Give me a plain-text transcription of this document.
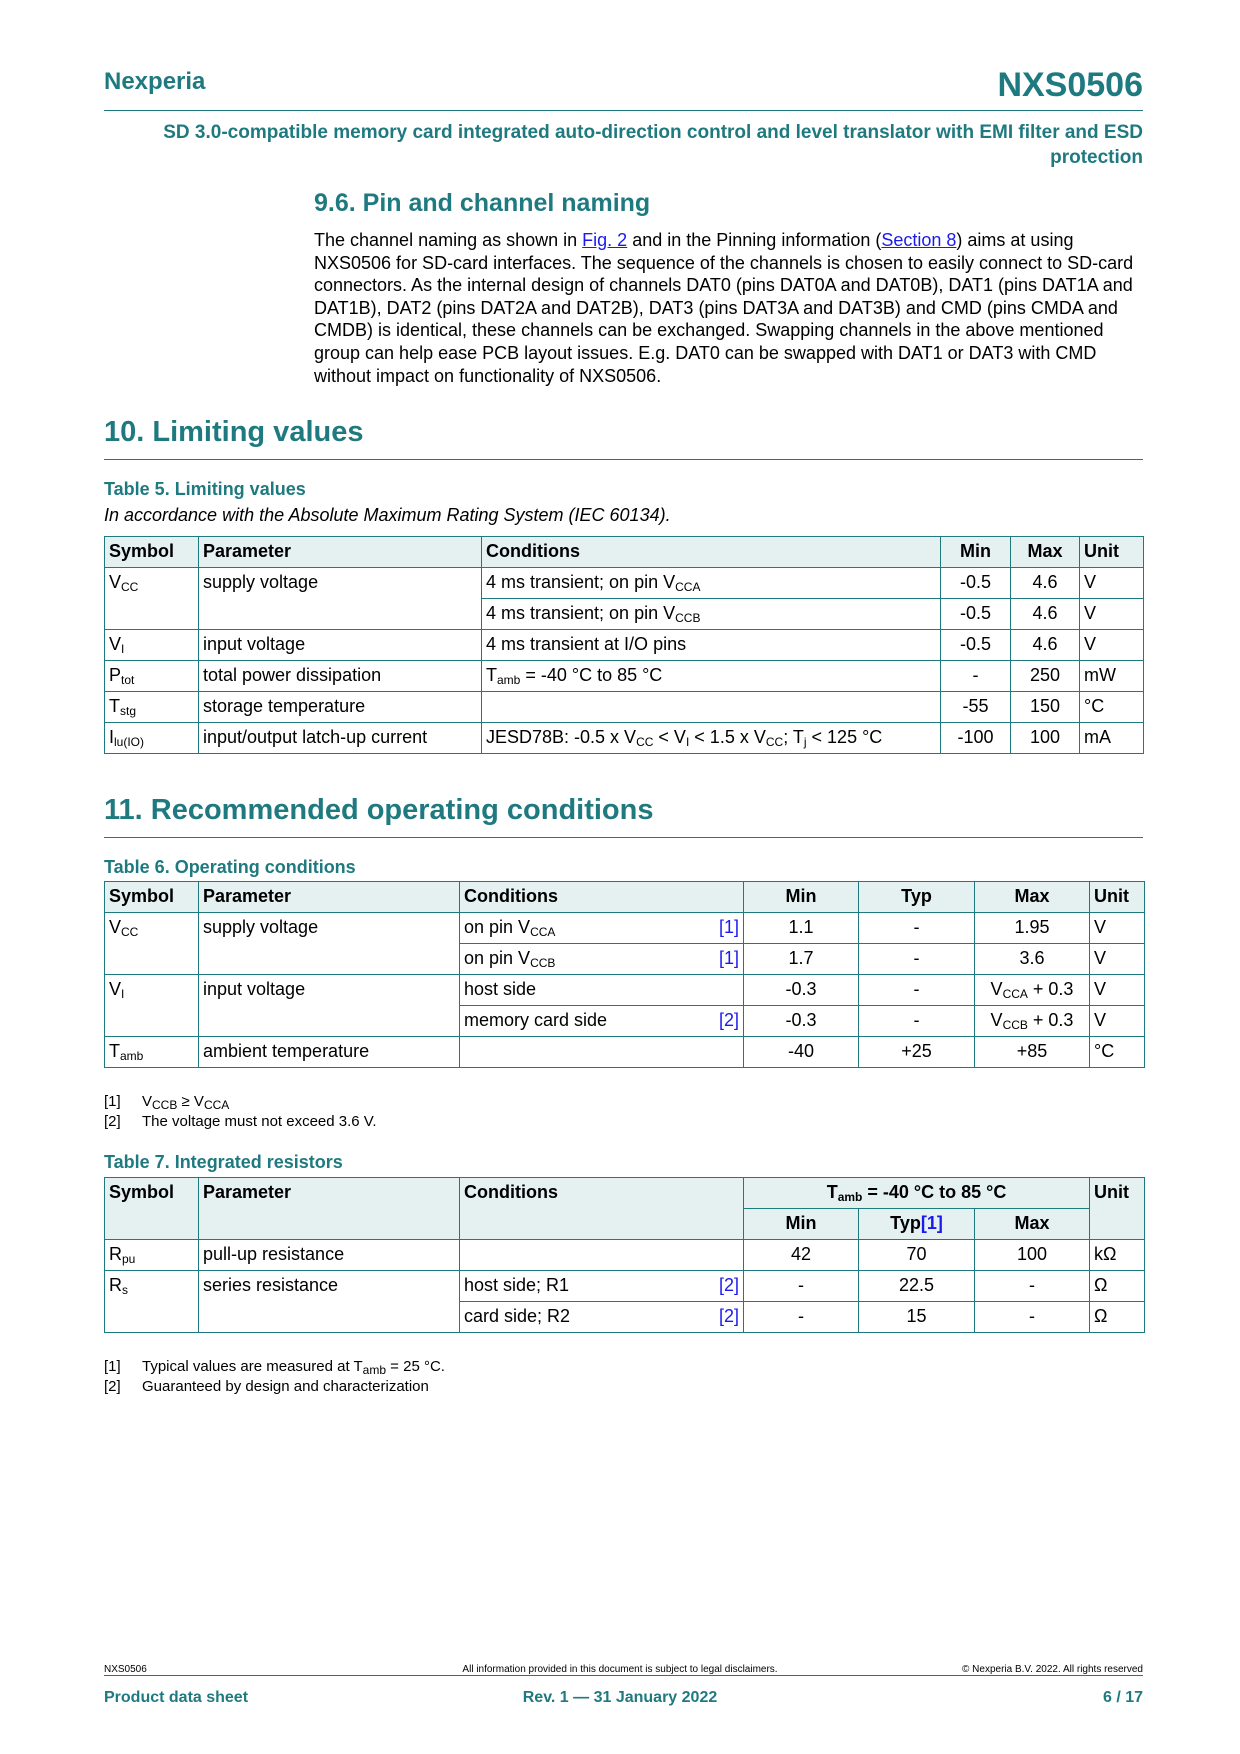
Nexperia	NXS0506
SD 3.0-compatible memory card integrated auto-direction control and level translator with EMI filter and ESD protection
9.6. Pin and channel naming
The channel naming as shown in Fig. 2 and in the Pinning information (Section 8) aims at using NXS0506 for SD-card interfaces. The sequence of the channels is chosen to easily connect to SD-card connectors. As the internal design of channels DAT0 (pins DAT0A and DAT0B), DAT1 (pins DAT1A and DAT1B), DAT2 (pins DAT2A and DAT2B), DAT3 (pins DAT3A and DAT3B) and CMD (pins CMDA and CMDB) is identical, these channels can be exchanged. Swapping channels in the above mentioned group can help ease PCB layout issues. E.g. DAT0 can be swapped with DAT1 or DAT3 with CMD without impact on functionality of NXS0506.
10. Limiting values
Table 5. Limiting values
In accordance with the Absolute Maximum Rating System (IEC 60134).
Symbol	Parameter	Conditions	Min	Max	Unit
$V_{CC}$	supply voltage	4 ms transient; on pin $V_{CCA}$	-0.5	4.6	V
		4 ms transient; on pin $V_{CCB}$	-0.5	4.6	V
$V_I$	input voltage	4 ms transient at I/O pins	-0.5	4.6	V
$P_{tot}$	total power dissipation	$T_{amb} = -40$ °C to 85 °C	-	250	mW
$T_{stg}$	storage temperature		-55	150	°C
$I_{lu(IO)}$	input/output latch-up current	JESD78B: -0.5 x $V_{CC} < V_I < 1.5$ x $V_{CC}$; $T_j < 125$ °C	-100	100	mA
11. Recommended operating conditions
Table 6. Operating conditions
Symbol	Parameter	Conditions	Min	Typ	Max	Unit
$V_{CC}$	supply voltage	on pin $V_{CCA}$ [1]	1.1	-	1.95	V
		on pin $V_{CCB}$ [1]	1.7	-	3.6	V
$V_I$	input voltage	host side	-0.3	-	$V_{CCA} + 0.3$	V
		memory card side [2]	-0.3	-	$V_{CCB} + 0.3$	V
$T_{amb}$	ambient temperature		-40	+25	+85	°C
[1] $V_{CCB} \ge V_{CCA}$
[2] The voltage must not exceed 3.6 V.
Table 7. Integrated resistors
Symbol	Parameter	Conditions	$T_{amb} = -40$ °C to 85 °C			Unit
			Min	Typ[1]	Max	
$R_{pu}$	pull-up resistance		42	70	100	kΩ
$R_s$	series resistance	host side; R1 [2]	-	22.5	-	Ω
		card side; R2 [2]	-	15	-	Ω
[1] Typical values are measured at $T_{amb} = 25$ °C.
[2] Guaranteed by design and characterization
NXS0506	All information provided in this document is subject to legal disclaimers.	© Nexperia B.V. 2022. All rights reserved
Product data sheet	Rev. 1 — 31 January 2022	6 / 17
